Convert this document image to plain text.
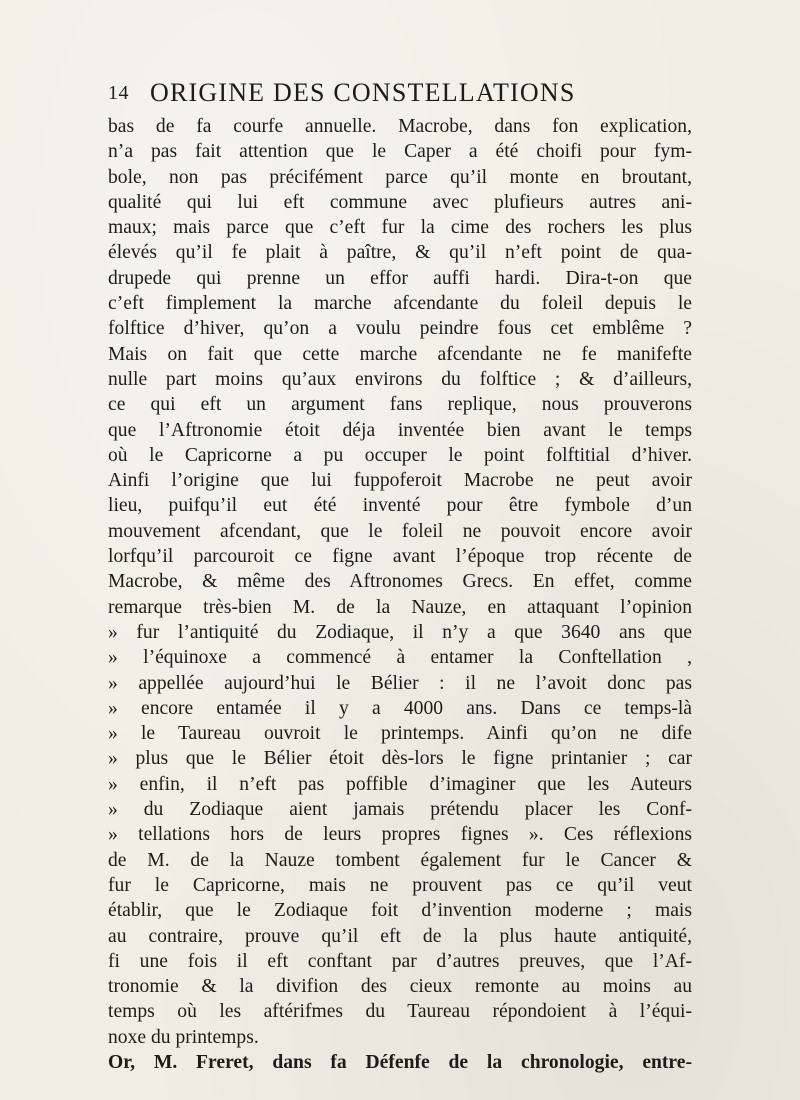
14 ORIGINE DES CONSTELLATIONS
bas de fa courfe annuelle. Macrobe, dans fon explication,
n’a pas fait attention que le Caper a été choifi pour fym-
bole, non pas précifément parce qu’il monte en broutant,
qualité qui lui eft commune avec plufieurs autres ani-
maux; mais parce que c’eft fur la cime des rochers les plus
élevés qu’il fe plait à paître, & qu’il n’eft point de qua-
drupede qui prenne un effor auffi hardi. Dira-t-on que
c’eft fimplement la marche afcendante du foleil depuis le
folftice d’hiver, qu’on a voulu peindre fous cet emblême ?
Mais on fait que cette marche afcendante ne fe manifefte
nulle part moins qu’aux environs du folftice ; & d’ailleurs,
ce qui eft un argument fans replique, nous prouverons
que l’Aftronomie étoit déja inventée bien avant le temps
où le Capricorne a pu occuper le point folftitial d’hiver.
Ainfi l’origine que lui fuppoferoit Macrobe ne peut avoir
lieu, puifqu’il eut été inventé pour être fymbole d’un
mouvement afcendant, que le foleil ne pouvoit encore avoir
lorfqu’il parcouroit ce figne avant l’époque trop récente de
Macrobe, & même des Aftronomes Grecs. En effet, comme
remarque très-bien M. de la Nauze, en attaquant l’opinion
» fur l’antiquité du Zodiaque, il n’y a que 3640 ans que
» l’équinoxe a commencé à entamer la Conftellation ,
» appellée aujourd’hui le Bélier : il ne l’avoit donc pas
» encore entamée il y a 4000 ans. Dans ce temps-là
» le Taureau ouvroit le printemps. Ainfi qu’on ne dife
» plus que le Bélier étoit dès-lors le figne printanier ; car
» enfin, il n’eft pas poffible d’imaginer que les Auteurs
» du Zodiaque aient jamais prétendu placer les Conf-
» tellations hors de leurs propres fignes ». Ces réflexions
de M. de la Nauze tombent également fur le Cancer &
fur le Capricorne, mais ne prouvent pas ce qu’il veut
établir, que le Zodiaque foit d’invention moderne ; mais
au contraire, prouve qu’il eft de la plus haute antiquité,
fi une fois il eft conftant par d’autres preuves, que l’Af-
tronomie & la divifion des cieux remonte au moins au
temps où les aftérifmes du Taureau répondoient à l’équi-
noxe du printemps.
Or, M. Freret, dans fa Défenfe de la chronologie, entre-
